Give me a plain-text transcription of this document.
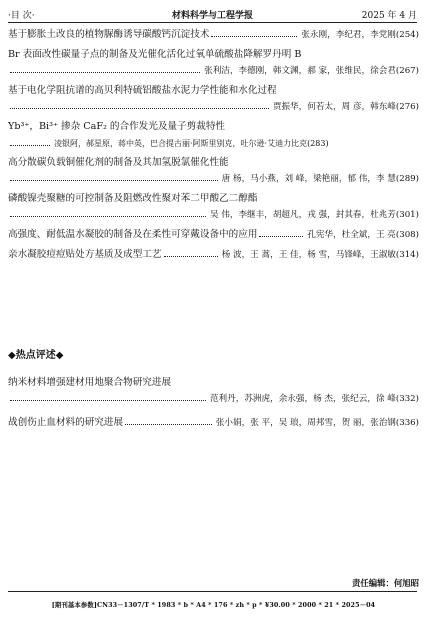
·目 次·	材料科学与工程学报	2025 年 4 月
基于膨胀土改良的植物脲酶诱导碳酸钙沉淀技术	张永刚，李纪君，李党刚(254)
Br 表面改性碳量子点的制备及光催化活化过氧单硫酸盐降解罗丹明 B
张利洁，李德刚，韩文渊，郝 家，张维民，徐会君(267)
基于电化学阻抗谱的高贝利特硫铝酸盐水泥力学性能和水化过程
贾振华，何若太，周 彦，韩东峰(276)
Yb³⁺，Bi³⁺ 掺杂 CaF₂ 的合作发光及量子剪裁特性
凌银阿，郝星原，蒋中英，巴合提古丽·阿斯里别克，吐尔逊·艾迪力比克(283)
高分散碳负载铜催化剂的制备及其加氢脱氯催化性能
唐 杨，马小燕，刘 峰，梁艳丽，郁 伟，李 慧(289)
磷酸镍壳聚糖的可控制备及阻燃改性聚对苯二甲酸乙二醇酯
吴 伟，李继丰，胡超凡，戎 强，封其春，杜兆芳(301)
高强度、耐低温水凝胶的制备及在柔性可穿戴设备中的应用	孔宪华，杜全斌，王 亮(308)
亲水凝胶痘痘贴处方基质及成型工艺	杨 波，王 蒿，王 佳，杨 雪，马锋峰，王淑敏(314)
◆热点评述◆
纳米材料增强建材用地聚合物研究进展
范利丹，苏洲虎，余永强，杨 杰，张纪云，徐 峰(332)
战创伤止血材料的研究进展	张小娟，张 平，吴 琅，周邦雪，贺 丽，张治钢(336)
责任编辑：何旭昭
[期刊基本参数]CN33－1307/T * 1983 * b * A4 * 176 * zh * p * ¥30.00 * 2000 * 21 * 2025－04
